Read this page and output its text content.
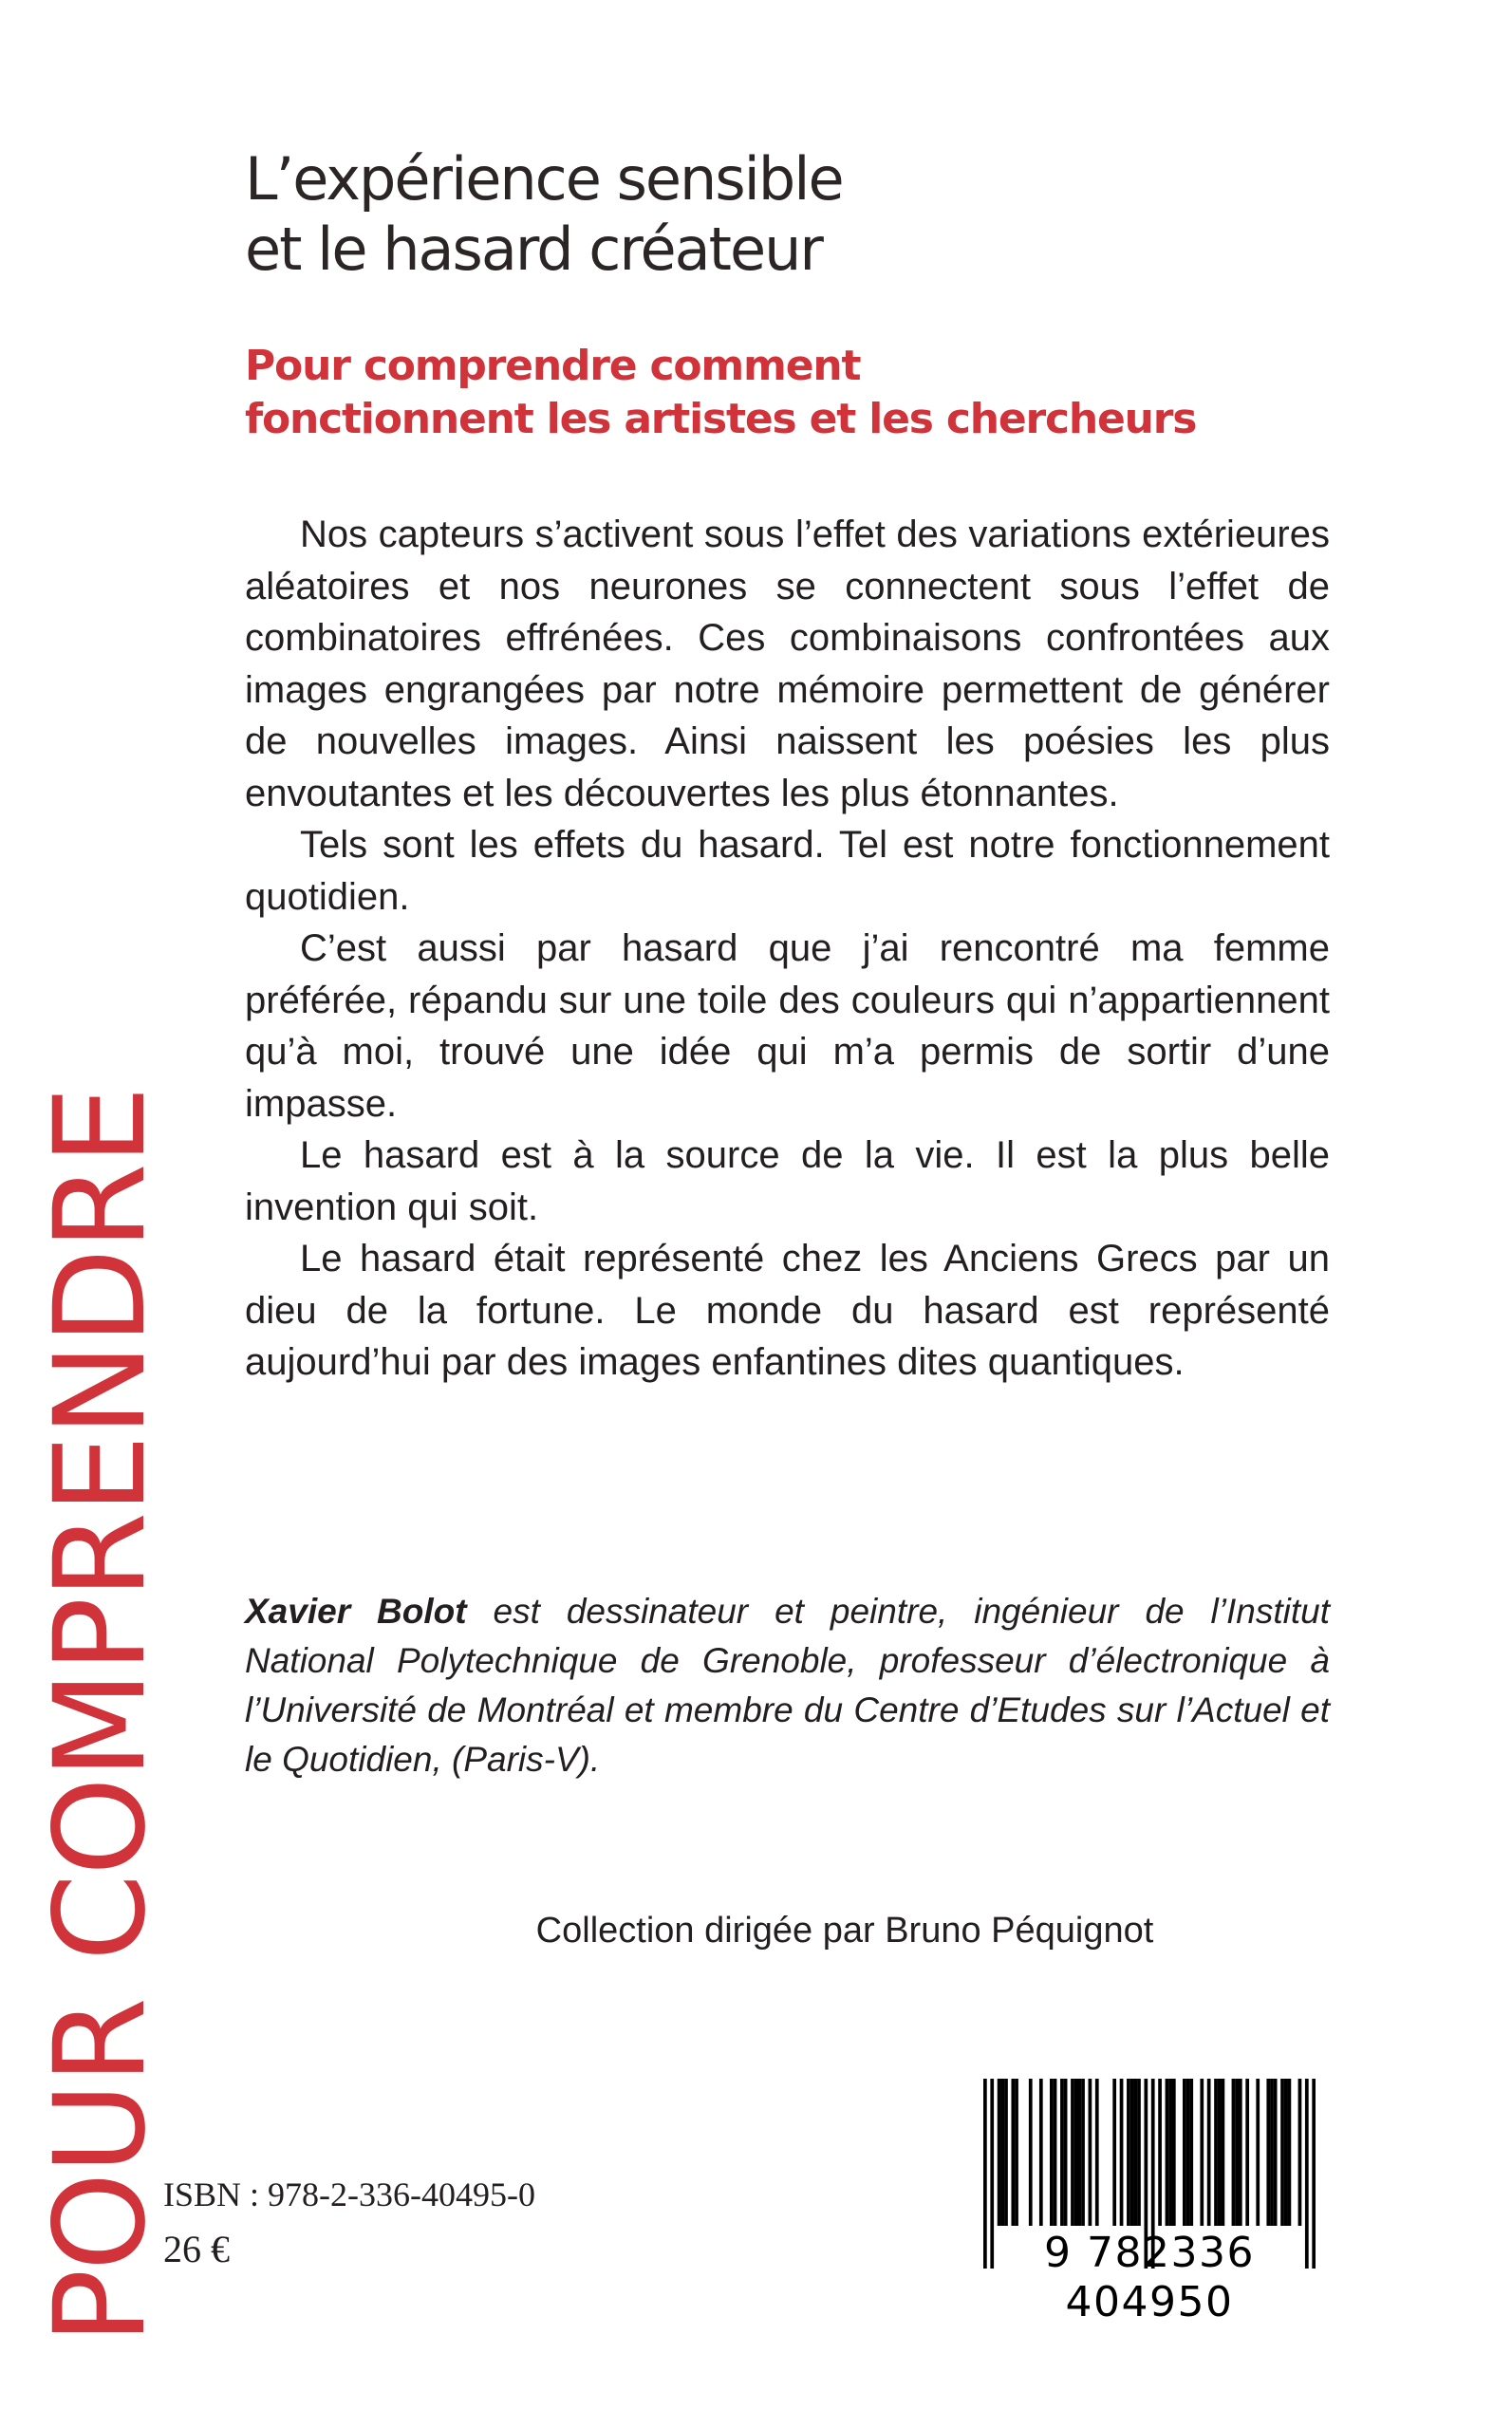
L’expérience sensible
et le hasard créateur
Pour comprendre comment
fonctionnent les artistes et les chercheurs

Nos capteurs s’activent sous l’effet des variations extérieures aléatoires et nos neurones se connectent sous l’effet de combinatoires effrénées. Ces combinaisons confrontées aux images engrangées par notre mémoire permettent de générer de nouvelles images. Ainsi naissent les poésies les plus envoutantes et les découvertes les plus étonnantes.

Tels sont les effets du hasard. Tel est notre fonctionnement quotidien.

C’est aussi par hasard que j’ai rencontré ma femme préférée, répandu sur une toile des couleurs qui n’appartiennent qu’à moi, trouvé une idée qui m’a permis de sortir d’une impasse.

Le hasard est à la source de la vie. Il est la plus belle invention qui soit.

Le hasard était représenté chez les Anciens Grecs par un dieu de la fortune. Le monde du hasard est représenté aujourd’hui par des images enfantines dites quantiques.

Xavier Bolot est dessinateur et peintre, ingénieur de l’Institut National Polytechnique de Grenoble, professeur d’électronique à l’Université de Montréal et membre du Centre d’Etudes sur l’Actuel et le Quotidien, (Paris-V).

Collection dirigée par Bruno Péquignot

POUR COMPRENDRE
ISBN : 978-2-336-40495-0
26 €	9 782336 404950
